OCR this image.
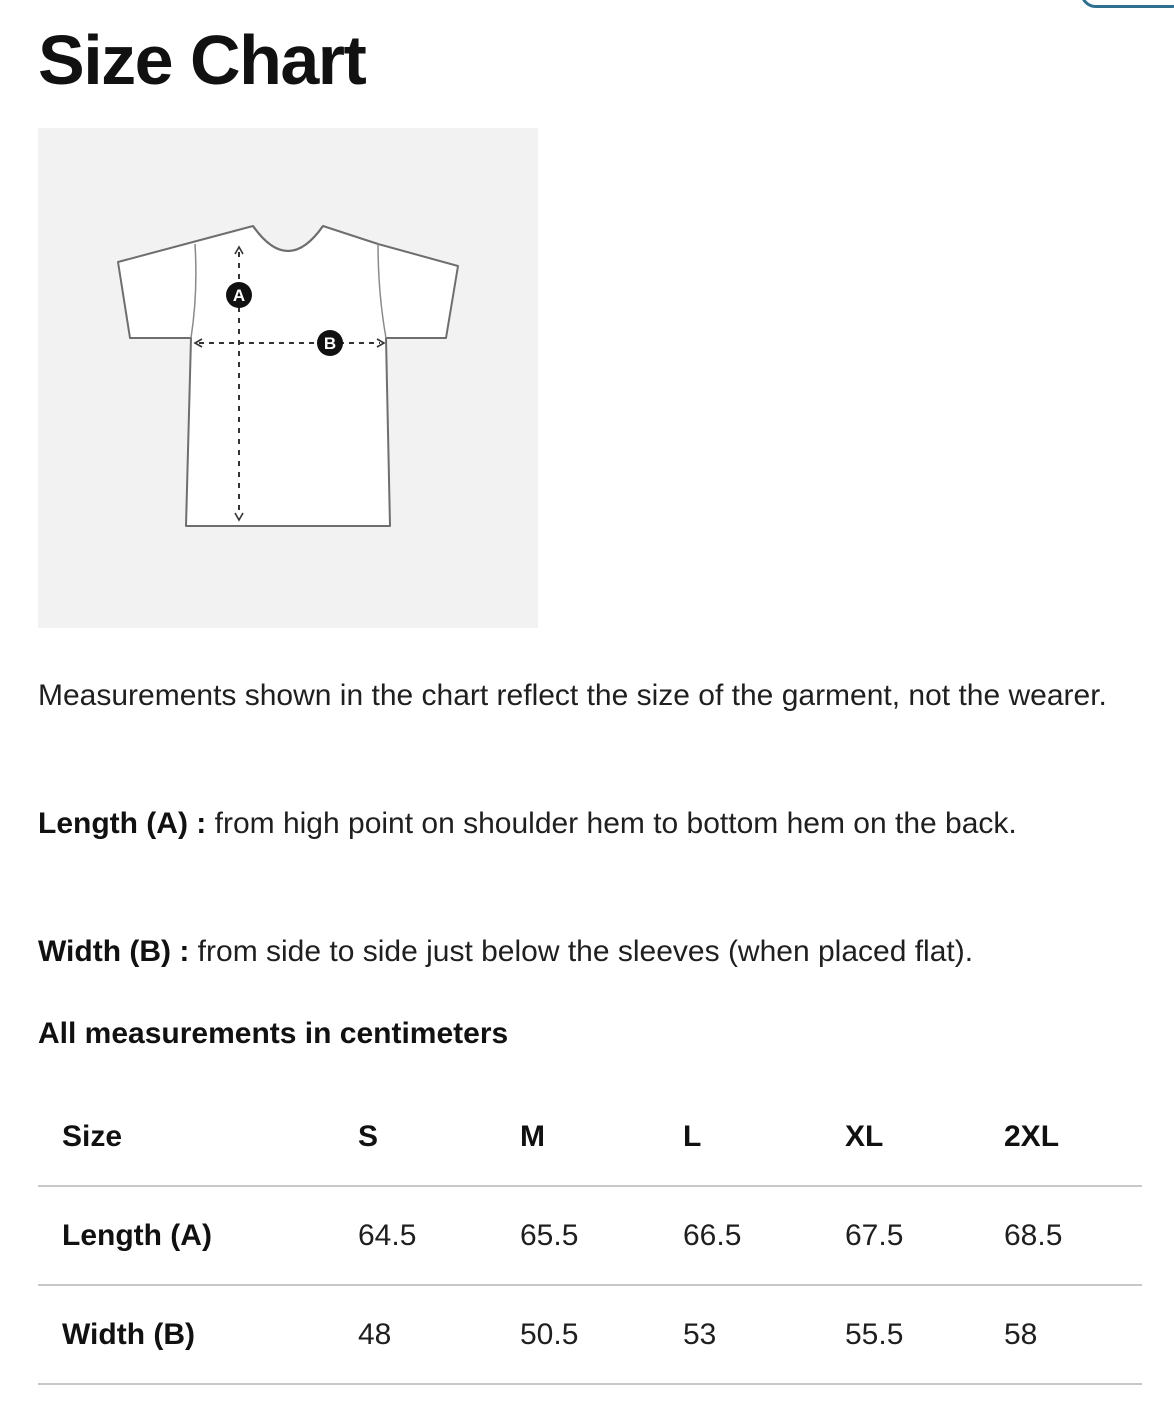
Size Chart
A
B

Measurements shown in the chart reflect the size of the garment, not the wearer.

Length (A) : from high point on shoulder hem to bottom hem on the back.

Width (B) : from side to side just below the sleeves (when placed flat).

All measurements in centimeters

Size	S	M	L	XL	2XL
Length (A)	64.5	65.5	66.5	67.5	68.5
Width (B)	48	50.5	53	55.5	58
